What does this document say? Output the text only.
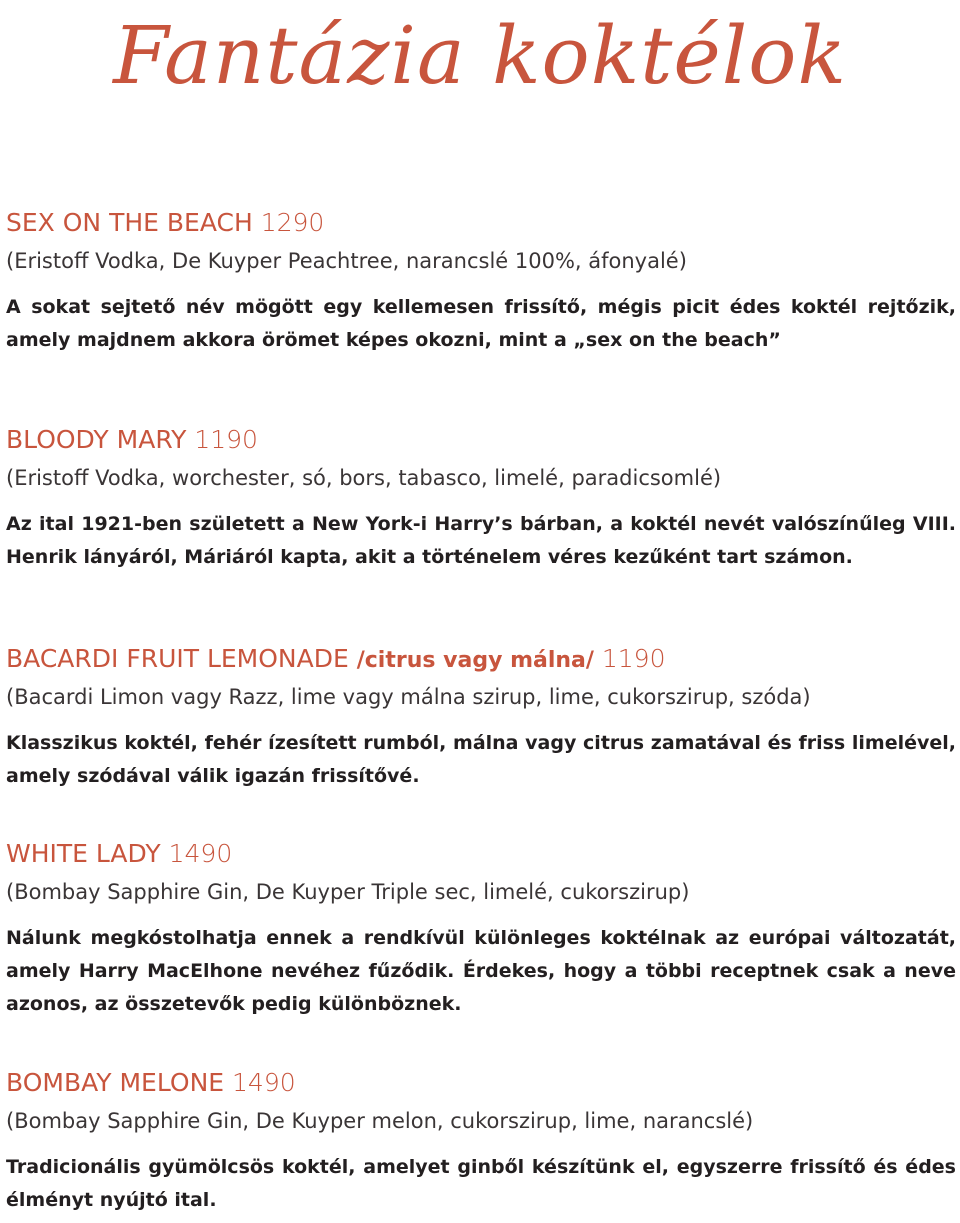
Fantázia koktélok

SEX ON THE BEACH 1290

(Eristoff Vodka, De Kuyper Peachtree, narancslé 100%, áfonyalé)

A sokat sejtető név mögött egy kellemesen frissítő, mégis picit édes koktél rejtőzik, amely majdnem akkora örömet képes okozni, mint a „sex on the beach”

BLOODY MARY 1190

(Eristoff Vodka, worchester, só, bors, tabasco, limelé, paradicsomlé)

Az ital 1921-ben született a New York-i Harry’s bárban, a koktél nevét valószínűleg VIII. Henrik lányáról, Máriáról kapta, akit a történelem véres kezűként tart számon.

BACARDI FRUIT LEMONADE /citrus vagy málna/ 1190

(Bacardi Limon vagy Razz, lime vagy málna szirup, lime, cukorszirup, szóda)

Klasszikus koktél, fehér ízesített rumból, málna vagy citrus zamatával és friss limelével, amely szódával válik igazán frissítővé.

WHITE LADY 1490

(Bombay Sapphire Gin, De Kuyper Triple sec, limelé, cukorszirup)

Nálunk megkóstolhatja ennek a rendkívül különleges koktélnak az európai változatát, amely Harry MacElhone nevéhez fűződik. Érdekes, hogy a többi receptnek csak a neve azonos, az összetevők pedig különböznek.

BOMBAY MELONE 1490

(Bombay Sapphire Gin, De Kuyper melon, cukorszirup, lime, narancslé)

Tradicionális gyümölcsös koktél, amelyet ginből készítünk el, egyszerre frissítő és édes élményt nyújtó ital.
